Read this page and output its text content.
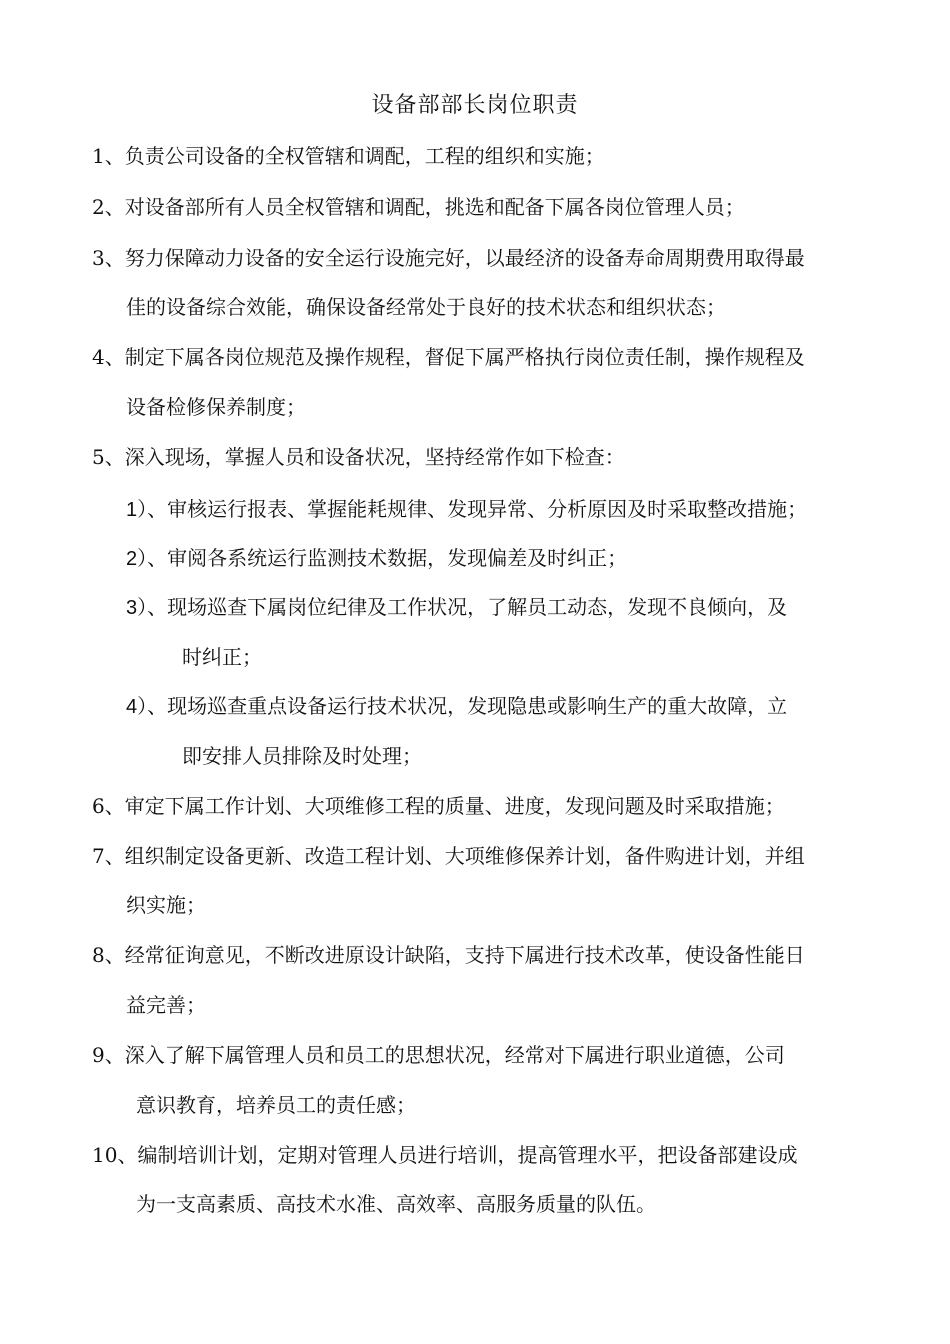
设备部部长岗位职责
1、负责公司设备的全权管辖和调配，工程的组织和实施；
2、对设备部所有人员全权管辖和调配，挑选和配备下属各岗位管理人员；
3、努力保障动力设备的安全运行设施完好，以最经济的设备寿命周期费用取得最
佳的设备综合效能，确保设备经常处于良好的技术状态和组织状态；
4、制定下属各岗位规范及操作规程，督促下属严格执行岗位责任制，操作规程及
设备检修保养制度；
5、深入现场，掌握人员和设备状况，坚持经常作如下检查：
1）、审核运行报表、掌握能耗规律、发现异常、分析原因及时采取整改措施；
2）、审阅各系统运行监测技术数据，发现偏差及时纠正；
3）、现场巡查下属岗位纪律及工作状况，了解员工动态，发现不良倾向，及
时纠正；
4）、现场巡查重点设备运行技术状况，发现隐患或影响生产的重大故障，立
即安排人员排除及时处理；
6、审定下属工作计划、大项维修工程的质量、进度，发现问题及时采取措施；
7、组织制定设备更新、改造工程计划、大项维修保养计划，备件购进计划，并组
织实施；
8、经常征询意见，不断改进原设计缺陷，支持下属进行技术改革，使设备性能日
益完善；
9、深入了解下属管理人员和员工的思想状况，经常对下属进行职业道德，公司
意识教育，培养员工的责任感；
10、编制培训计划，定期对管理人员进行培训，提高管理水平，把设备部建设成
为一支高素质、高技术水准、高效率、高服务质量的队伍。
